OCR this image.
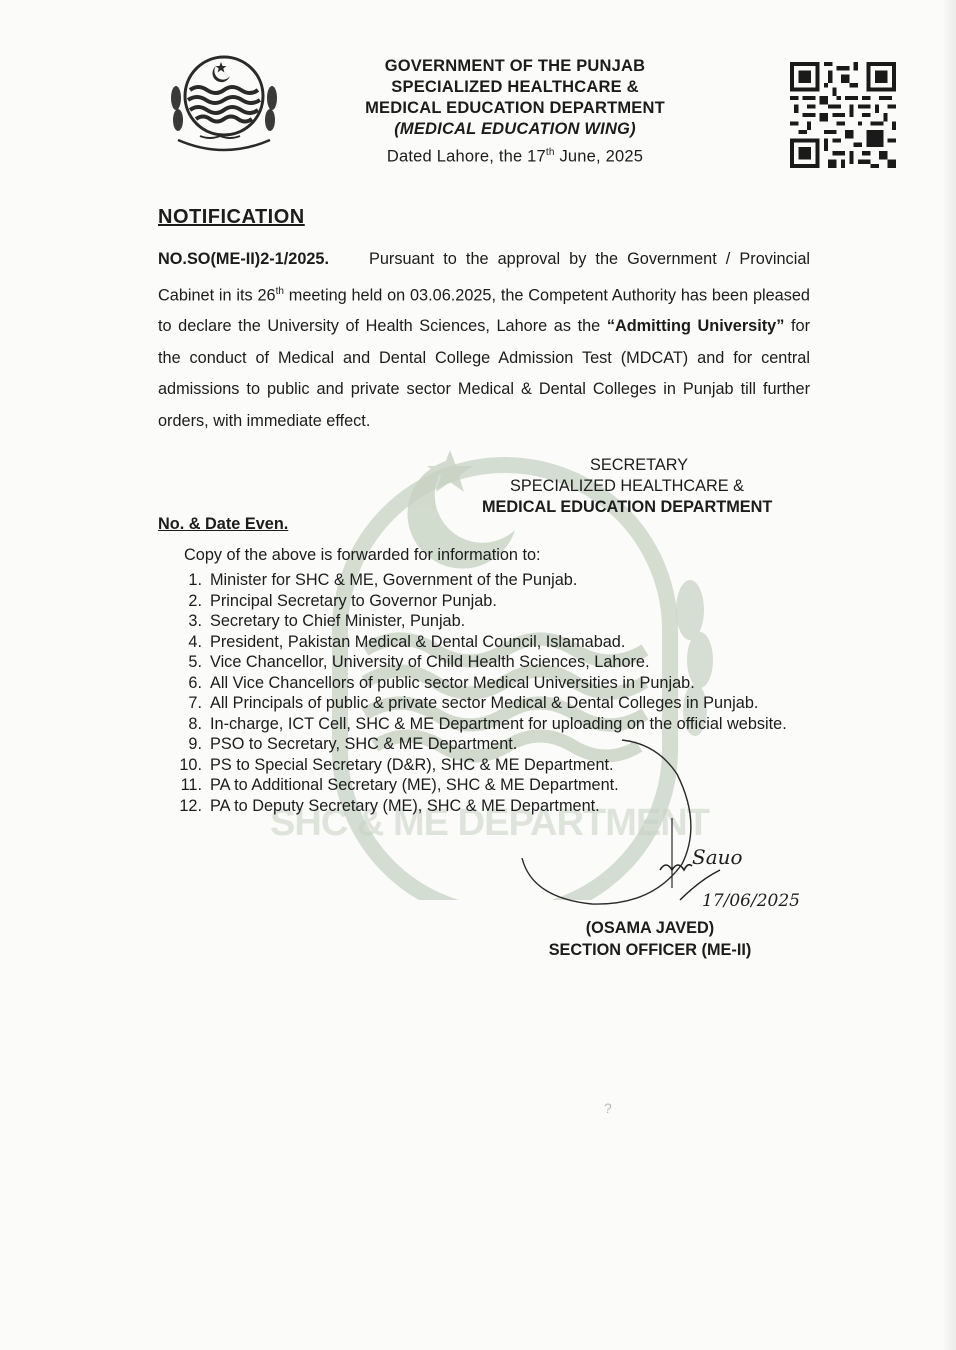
SHC & ME DEPARTMENT
GOVERNMENT OF THE PUNJAB
SPECIALIZED HEALTHCARE &
MEDICAL EDUCATION DEPARTMENT
(MEDICAL EDUCATION WING)
Dated Lahore, the 17th June, 2025
NOTIFICATION
NO.SO(ME-II)2-1/2025. Pursuant to the approval by the Government / Provincial Cabinet in its 26th meeting held on 03.06.2025, the Competent Authority has been pleased to declare the University of Health Sciences, Lahore as the “Admitting University” for the conduct of Medical and Dental College Admission Test (MDCAT) and for central admissions to public and private sector Medical & Dental Colleges in Punjab till further orders, with immediate effect.
SECRETARY
SPECIALIZED HEALTHCARE &
MEDICAL EDUCATION DEPARTMENT
No. & Date Even.
Copy of the above is forwarded for information to:
1. Minister for SHC & ME, Government of the Punjab.
2. Principal Secretary to Governor Punjab.
3. Secretary to Chief Minister, Punjab.
4. President, Pakistan Medical & Dental Council, Islamabad.
5. Vice Chancellor, University of Child Health Sciences, Lahore.
6. All Vice Chancellors of public sector Medical Universities in Punjab.
7. All Principals of public & private sector Medical & Dental Colleges in Punjab.
8. In-charge, ICT Cell, SHC & ME Department for uploading on the official website.
9. PSO to Secretary, SHC & ME Department.
10. PS to Special Secretary (D&R), SHC & ME Department.
11. PA to Additional Secretary (ME), SHC & ME Department.
12. PA to Deputy Secretary (ME), SHC & ME Department.
Sauo
17/06/2025
(OSAMA JAVED)
SECTION OFFICER (ME-II)
?
